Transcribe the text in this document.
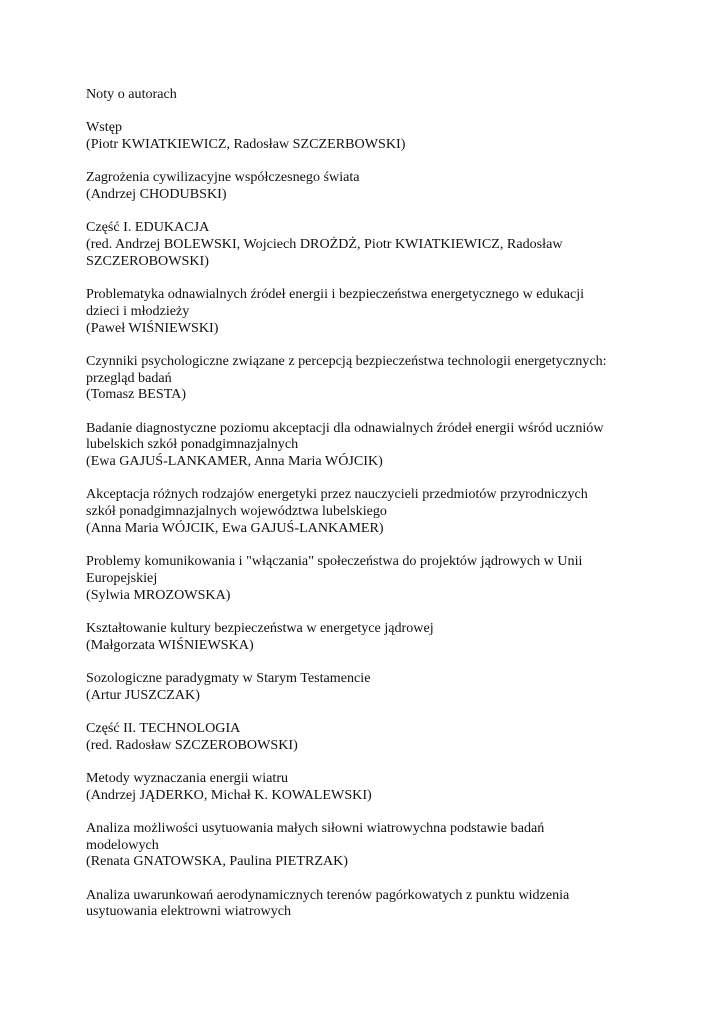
Noty o autorach
Wstęp
(Piotr KWIATKIEWICZ, Radosław SZCZERBOWSKI)
Zagrożenia cywilizacyjne współczesnego świata
(Andrzej CHODUBSKI)
Część I. EDUKACJA
(red. Andrzej BOLEWSKI, Wojciech DROŻDŻ, Piotr KWIATKIEWICZ, Radosław
SZCZEROBOWSKI)
Problematyka odnawialnych źródeł energii i bezpieczeństwa energetycznego w edukacji
dzieci i młodzieży
(Paweł WIŚNIEWSKI)
Czynniki psychologiczne związane z percepcją bezpieczeństwa technologii energetycznych:
przegląd badań
(Tomasz BESTA)
Badanie diagnostyczne poziomu akceptacji dla odnawialnych źródeł energii wśród uczniów
lubelskich szkół ponadgimnazjalnych
(Ewa GAJUŚ-LANKAMER, Anna Maria WÓJCIK)
Akceptacja różnych rodzajów energetyki przez nauczycieli przedmiotów przyrodniczych
szkół ponadgimnazjalnych województwa lubelskiego
(Anna Maria WÓJCIK, Ewa GAJUŚ-LANKAMER)
Problemy komunikowania i "włączania" społeczeństwa do projektów jądrowych w Unii
Europejskiej
(Sylwia MROZOWSKA)
Kształtowanie kultury bezpieczeństwa w energetyce jądrowej
(Małgorzata WIŚNIEWSKA)
Sozologiczne paradygmaty w Starym Testamencie
(Artur JUSZCZAK)
Część II. TECHNOLOGIA
(red. Radosław SZCZEROBOWSKI)
Metody wyznaczania energii wiatru
(Andrzej JĄDERKO, Michał K. KOWALEWSKI)
Analiza możliwości usytuowania małych siłowni wiatrowychna podstawie badań
modelowych
(Renata GNATOWSKA, Paulina PIETRZAK)
Analiza uwarunkowań aerodynamicznych terenów pagórkowatych z punktu widzenia
usytuowania elektrowni wiatrowych
